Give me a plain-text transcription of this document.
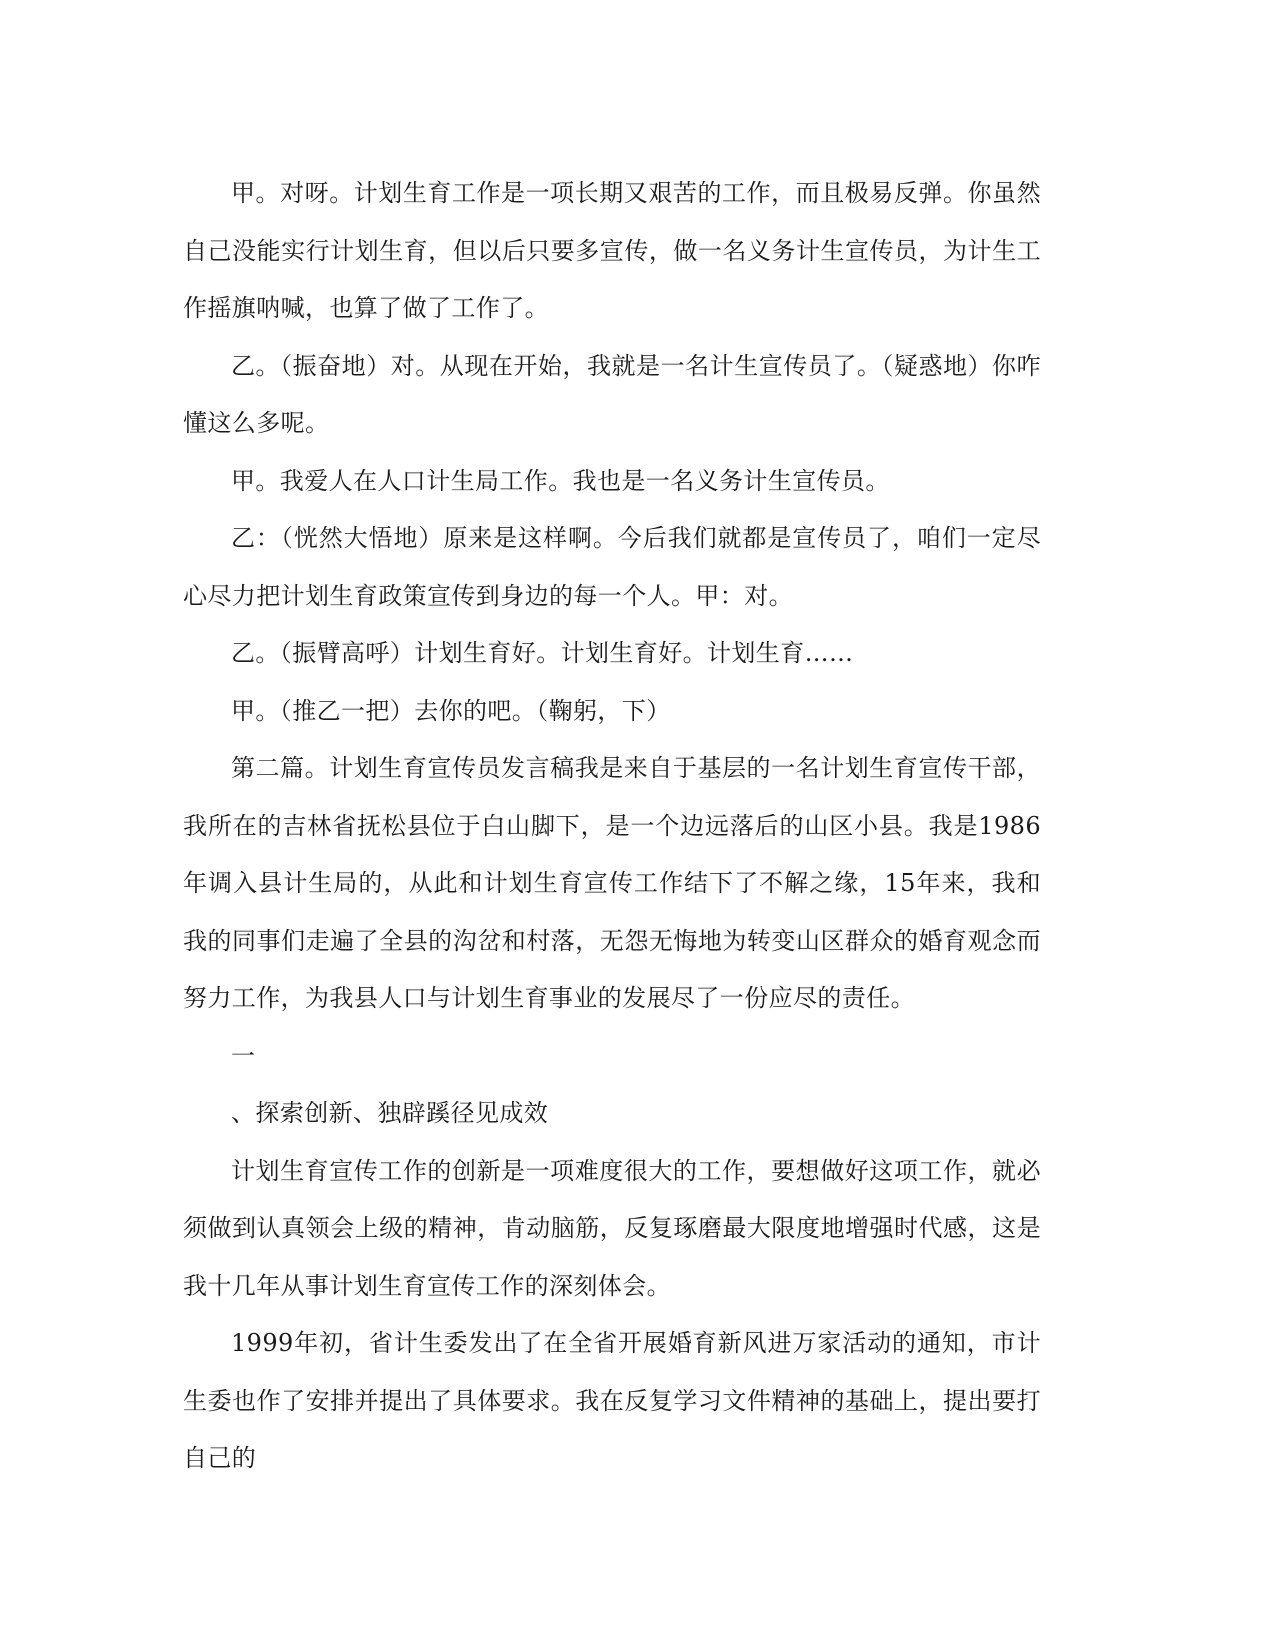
甲。对呀。计划生育工作是一项长期又艰苦的工作，而且极易反弹。你虽然自己没能实行计划生育，但以后只要多宣传，做一名义务计生宣传员，为计生工作摇旗呐喊，也算了做了工作了。

乙。（振奋地）对。从现在开始，我就是一名计生宣传员了。（疑惑地）你咋懂这么多呢。

甲。我爱人在人口计生局工作。我也是一名义务计生宣传员。

乙：（恍然大悟地）原来是这样啊。今后我们就都是宣传员了，咱们一定尽心尽力把计划生育政策宣传到身边的每一个人。甲：对。

乙。（振臂高呼）计划生育好。计划生育好。计划生育……

甲。（推乙一把）去你的吧。（鞠躬，下）

第二篇。计划生育宣传员发言稿我是来自于基层的一名计划生育宣传干部，我所在的吉林省抚松县位于白山脚下，是一个边远落后的山区小县。我是1986年调入县计生局的，从此和计划生育宣传工作结下了不解之缘，15年来，我和我的同事们走遍了全县的沟岔和村落，无怨无悔地为转变山区群众的婚育观念而努力工作，为我县人口与计划生育事业的发展尽了一份应尽的责任。

一

、探索创新、独辟蹊径见成效

计划生育宣传工作的创新是一项难度很大的工作，要想做好这项工作，就必须做到认真领会上级的精神，肯动脑筋，反复琢磨最大限度地增强时代感，这是我十几年从事计划生育宣传工作的深刻体会。

1999年初，省计生委发出了在全省开展婚育新风进万家活动的通知，市计生委也作了安排并提出了具体要求。我在反复学习文件精神的基础上，提出要打自己的
